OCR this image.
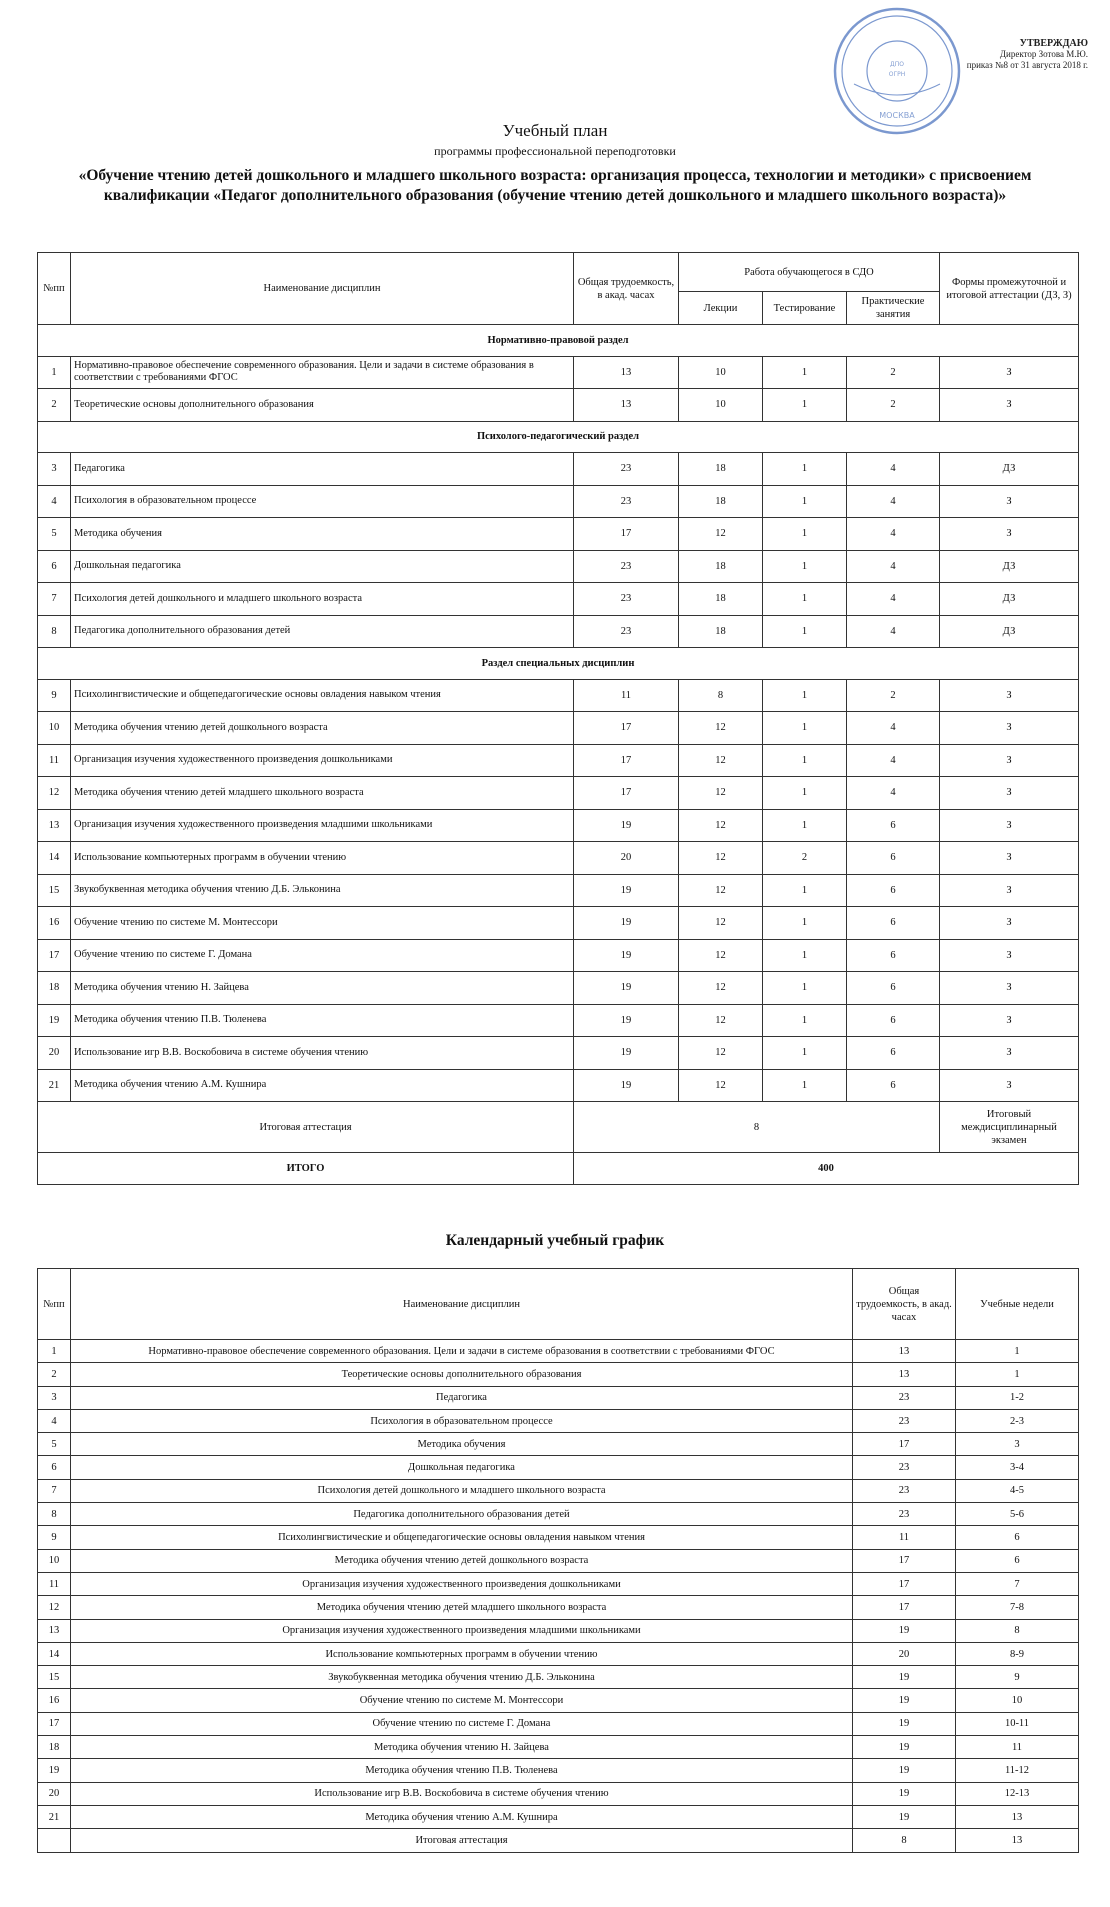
ДПО
ОГРН
МОСКВА
УТВЕРЖДАЮ
Директор Зотова М.Ю.
приказ №8 от 31 августа 2018 г.
Учебный план
программы профессиональной переподготовки
«Обучение чтению детей дошкольного и младшего школьного возраста: организация процесса, технологии и методики» с присвоением квалификации «Педагог дополнительного образования (обучение чтению детей дошкольного и младшего школьного возраста)»
№пп	Наименование дисциплин	Общая трудоемкость, в акад. часах	Работа обучающегося в СДО			Формы промежуточной и итоговой аттестации (ДЗ, З)
			Лекции	Тестирование	Практические занятия	
Нормативно-правовой раздел						
1	Нормативно-правовое обеспечение современного образования. Цели и задачи в системе образования в соответствии с требованиями ФГОС	13	10	1	2	З
2	Теоретические основы дополнительного образования	13	10	1	2	З
Психолого-педагогический раздел						
3	Педагогика	23	18	1	4	ДЗ
4	Психология в образовательном процессе	23	18	1	4	З
5	Методика обучения	17	12	1	4	З
6	Дошкольная педагогика	23	18	1	4	ДЗ
7	Психология детей дошкольного и младшего школьного возраста	23	18	1	4	ДЗ
8	Педагогика дополнительного образования детей	23	18	1	4	ДЗ
Раздел специальных дисциплин						
9	Психолингвистические и общепедагогические основы овладения навыком чтения	11	8	1	2	З
10	Методика обучения чтению детей дошкольного возраста	17	12	1	4	З
11	Организация изучения художественного произведения дошкольниками	17	12	1	4	З
12	Методика обучения чтению детей младшего школьного возраста	17	12	1	4	З
13	Организация изучения художественного произведения младшими школьниками	19	12	1	6	З
14	Использование компьютерных программ в обучении чтению	20	12	2	6	З
15	Звукобуквенная методика обучения чтению Д.Б. Эльконина	19	12	1	6	З
16	Обучение чтению по системе М. Монтессори	19	12	1	6	З
17	Обучение чтению по системе Г. Домана	19	12	1	6	З
18	Методика обучения чтению Н. Зайцева	19	12	1	6	З
19	Методика обучения чтению П.В. Тюленева	19	12	1	6	З
20	Использование игр В.В. Воскобовича в системе обучения чтению	19	12	1	6	З
21	Методика обучения чтению А.М. Кушнира	19	12	1	6	З
Итоговая аттестация		8				Итоговый междисциплинарный экзамен
ИТОГО		400				
Календарный учебный график
№пп	Наименование дисциплин	Общая трудоемкость, в акад. часах	Учебные недели
1	Нормативно-правовое обеспечение современного образования. Цели и задачи в системе образования в соответствии с требованиями ФГОС	13	1
2	Теоретические основы дополнительного образования	13	1
3	Педагогика	23	1-2
4	Психология в образовательном процессе	23	2-3
5	Методика обучения	17	3
6	Дошкольная педагогика	23	3-4
7	Психология детей дошкольного и младшего школьного возраста	23	4-5
8	Педагогика дополнительного образования детей	23	5-6
9	Психолингвистические и общепедагогические основы овладения навыком чтения	11	6
10	Методика обучения чтению детей дошкольного возраста	17	6
11	Организация изучения художественного произведения дошкольниками	17	7
12	Методика обучения чтению детей младшего школьного возраста	17	7-8
13	Организация изучения художественного произведения младшими школьниками	19	8
14	Использование компьютерных программ в обучении чтению	20	8-9
15	Звукобуквенная методика обучения чтению Д.Б. Эльконина	19	9
16	Обучение чтению по системе М. Монтессори	19	10
17	Обучение чтению по системе Г. Домана	19	10-11
18	Методика обучения чтению Н. Зайцева	19	11
19	Методика обучения чтению П.В. Тюленева	19	11-12
20	Использование игр В.В. Воскобовича в системе обучения чтению	19	12-13
21	Методика обучения чтению А.М. Кушнира	19	13
	Итоговая аттестация	8	13
